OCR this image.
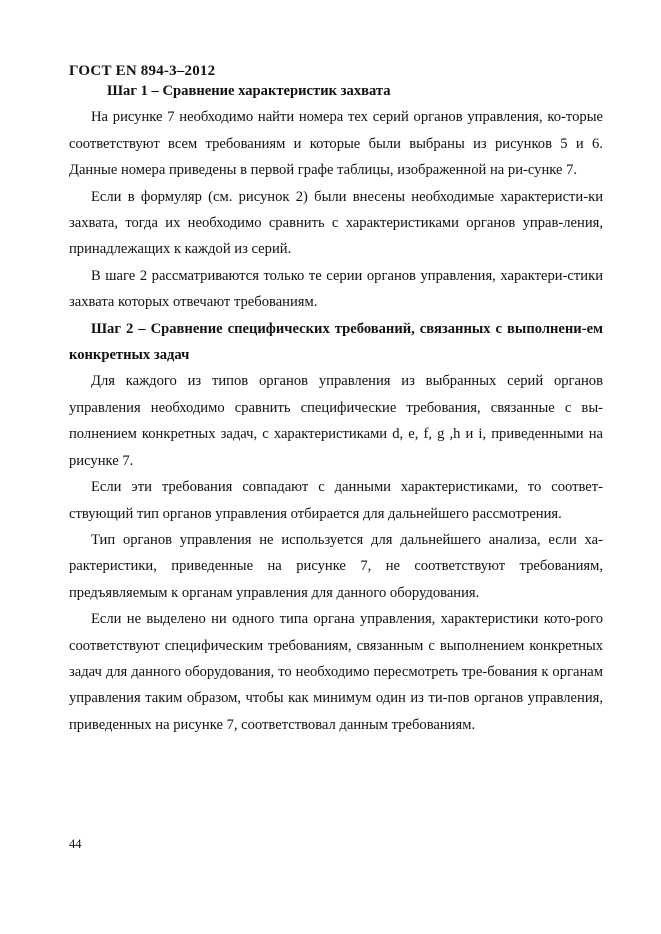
ГОСТ EN 894-3–2012

Шаг 1 – Сравнение характеристик захвата

На рисунке 7 необходимо найти номера тех серий органов управления, ко-торые соответствуют всем требованиям и которые были выбраны из рисунков 5 и 6. Данные номера приведены в первой графе таблицы, изображенной на ри-сунке 7.

Если в формуляр (см. рисунок 2) были внесены необходимые характеристи-ки захвата, тогда их необходимо сравнить с характеристиками органов управ-ления, принадлежащих к каждой из серий.

В шаге 2 рассматриваются только те серии органов управления, характери-стики захвата которых отвечают требованиям.

Шаг 2 – Сравнение специфических требований, связанных с выполнени-ем конкретных задач

Для каждого из типов органов управления из выбранных серий органов управления необходимо сравнить специфические требования, связанные с вы-полнением конкретных задач, с характеристиками d, e, f, g ,h и i, приведенными на рисунке 7.

Если эти требования совпадают с данными характеристиками, то соответ-ствующий тип органов управления отбирается для дальнейшего рассмотрения.

Тип органов управления не используется для дальнейшего анализа, если ха-рактеристики, приведенные на рисунке 7, не соответствуют требованиям, предъявляемым к органам управления для данного оборудования.

Если не выделено ни одного типа органа управления, характеристики кото-рого соответствуют специфическим требованиям, связанным с выполнением конкретных задач для данного оборудования, то необходимо пересмотреть тре-бования к органам управления таким образом, чтобы как минимум один из ти-пов органов управления, приведенных на рисунке 7, соответствовал данным требованиям.

44
